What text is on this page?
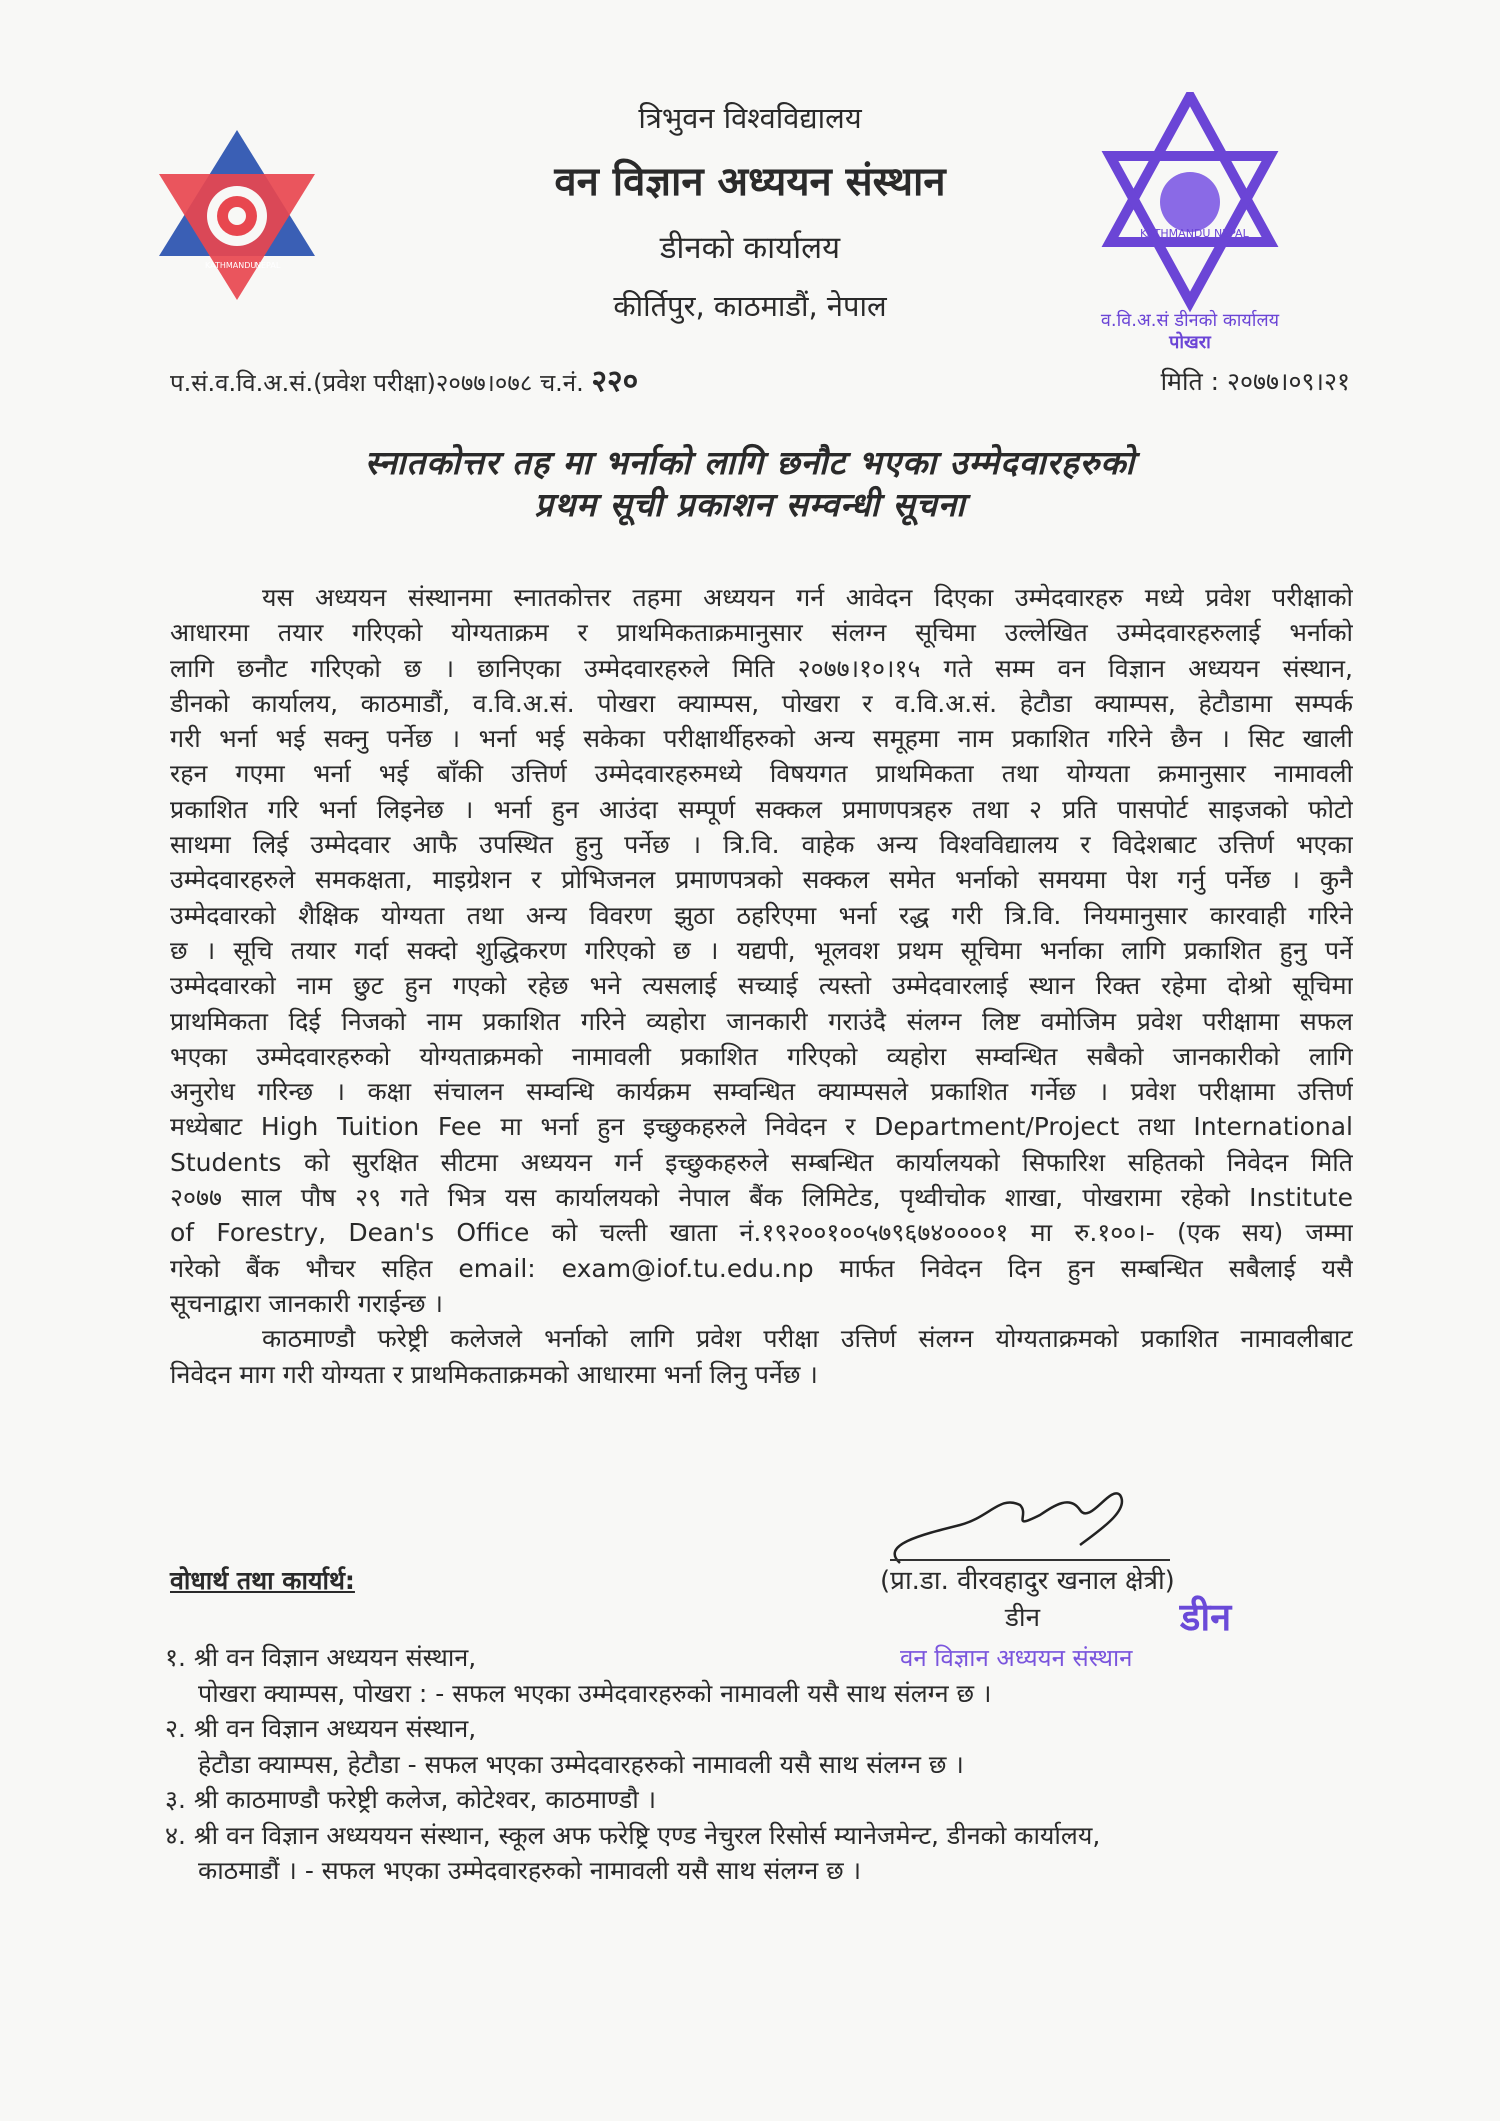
KATHMANDU
NEPAL
KATHMANDU NEPAL
व.वि.अ.सं डीनको कार्यालय
पोखरा
त्रिभुवन विश्वविद्यालय
वन विज्ञान अध्ययन संस्थान
डीनको कार्यालय
कीर्तिपुर, काठमाडौं, नेपाल
प.सं.व.वि.अ.सं.(प्रवेश परीक्षा)२०७७।०७८ च.नं. २२०	मिति : २०७७।०९।२१
स्नातकोत्तर तह मा भर्नाको लागि छनौट भएका उम्मेदवारहरुको
प्रथम सूची प्रकाशन सम्वन्धी सूचना
यस अध्ययन संस्थानमा स्नातकोत्तर तहमा अध्ययन गर्न आवेदन दिएका उम्मेदवारहरु मध्ये प्रवेश परीक्षाको
आधारमा तयार गरिएको योग्यताक्रम र प्राथमिकताक्रमानुसार संलग्न सूचिमा उल्लेखित उम्मेदवारहरुलाई भर्नाको
लागि छनौट गरिएको छ । छानिएका उम्मेदवारहरुले मिति २०७७।१०।१५ गते सम्म वन विज्ञान अध्ययन संस्थान,
डीनको कार्यालय, काठमाडौं, व.वि.अ.सं. पोखरा क्याम्पस, पोखरा र व.वि.अ.सं. हेटौडा क्याम्पस, हेटौडामा सम्पर्क
गरी भर्ना भई सक्नु पर्नेछ । भर्ना भई सकेका परीक्षार्थीहरुको अन्य समूहमा नाम प्रकाशित गरिने छैन । सिट खाली
रहन गएमा भर्ना भई बाँकी उत्तिर्ण उम्मेदवारहरुमध्ये विषयगत प्राथमिकता तथा योग्यता क्रमानुसार नामावली
प्रकाशित गरि भर्ना लिइनेछ । भर्ना हुन आउंदा सम्पूर्ण सक्कल प्रमाणपत्रहरु तथा २ प्रति पासपोर्ट साइजको फोटो
साथमा लिई उम्मेदवार आफै उपस्थित हुनु पर्नेछ । त्रि.वि. वाहेक अन्य विश्वविद्यालय र विदेशबाट उत्तिर्ण भएका
उम्मेदवारहरुले समकक्षता, माइग्रेशन र प्रोभिजनल प्रमाणपत्रको सक्कल समेत भर्नाको समयमा पेश गर्नु पर्नेछ । कुनै
उम्मेदवारको शैक्षिक योग्यता तथा अन्य विवरण झुठा ठहरिएमा भर्ना रद्ध गरी त्रि.वि. नियमानुसार कारवाही गरिने
छ । सूचि तयार गर्दा सक्दो शुद्धिकरण गरिएको छ । यद्यपी, भूलवश प्रथम सूचिमा भर्नाका लागि प्रकाशित हुनु पर्ने
उम्मेदवारको नाम छुट हुन गएको रहेछ भने त्यसलाई सच्याई त्यस्तो उम्मेदवारलाई स्थान रिक्त रहेमा दोश्रो सूचिमा
प्राथमिकता दिई निजको नाम प्रकाशित गरिने व्यहोरा जानकारी गराउंदै संलग्न लिष्ट वमोजिम प्रवेश परीक्षामा सफल
भएका उम्मेदवारहरुको योग्यताक्रमको नामावली प्रकाशित गरिएको व्यहोरा सम्वन्धित सबैको जानकारीको लागि
अनुरोध गरिन्छ । कक्षा संचालन सम्वन्धि कार्यक्रम सम्वन्धित क्याम्पसले प्रकाशित गर्नेछ । प्रवेश परीक्षामा उत्तिर्ण
मध्येबाट High Tuition Fee मा भर्ना हुन इच्छुकहरुले निवेदन र Department/Project तथा International
Students को सुरक्षित सीटमा अध्ययन गर्न इच्छुकहरुले सम्बन्धित कार्यालयको सिफारिश सहितको निवेदन मिति
२०७७ साल पौष २९ गते भित्र यस कार्यालयको नेपाल बैंक लिमिटेड, पृथ्वीचोक शाखा, पोखरामा रहेको Institute
of Forestry, Dean's Office को चल्ती खाता नं.१९२००१००५७९६७४००००१ मा रु.१००।- (एक सय) जम्मा
गरेको बैंक भौचर सहित email: exam@iof.tu.edu.np मार्फत निवेदन दिन हुन सम्बन्धित सबैलाई यसै
सूचनाद्वारा जानकारी गराईन्छ ।
काठमाण्डौ फरेष्ट्री कलेजले भर्नाको लागि प्रवेश परीक्षा उत्तिर्ण संलग्न योग्यताक्रमको प्रकाशित नामावलीबाट
निवेदन माग गरी योग्यता र प्राथमिकताक्रमको आधारमा भर्ना लिनु पर्नेछ ।
वोधार्थ तथा कार्यार्थ:	(प्रा.डा. वीरवहादुर खनाल क्षेत्री)
डीन	डीन
वन विज्ञान अध्ययन संस्थान
१. श्री वन विज्ञान अध्ययन संस्थान,
पोखरा क्याम्पस, पोखरा : - सफल भएका उम्मेदवारहरुको नामावली यसै साथ संलग्न छ ।
२. श्री वन विज्ञान अध्ययन संस्थान,
हेटौडा क्याम्पस, हेटौडा - सफल भएका उम्मेदवारहरुको नामावली यसै साथ संलग्न छ ।
३. श्री काठमाण्डौ फरेष्ट्री कलेज, कोटेश्वर, काठमाण्डौ ।
४. श्री वन विज्ञान अध्यययन संस्थान, स्कूल अफ फरेष्ट्रि एण्ड नेचुरल रिसोर्स म्यानेजमेन्ट, डीनको कार्यालय,
काठमाडौं । - सफल भएका उम्मेदवारहरुको नामावली यसै साथ संलग्न छ ।
